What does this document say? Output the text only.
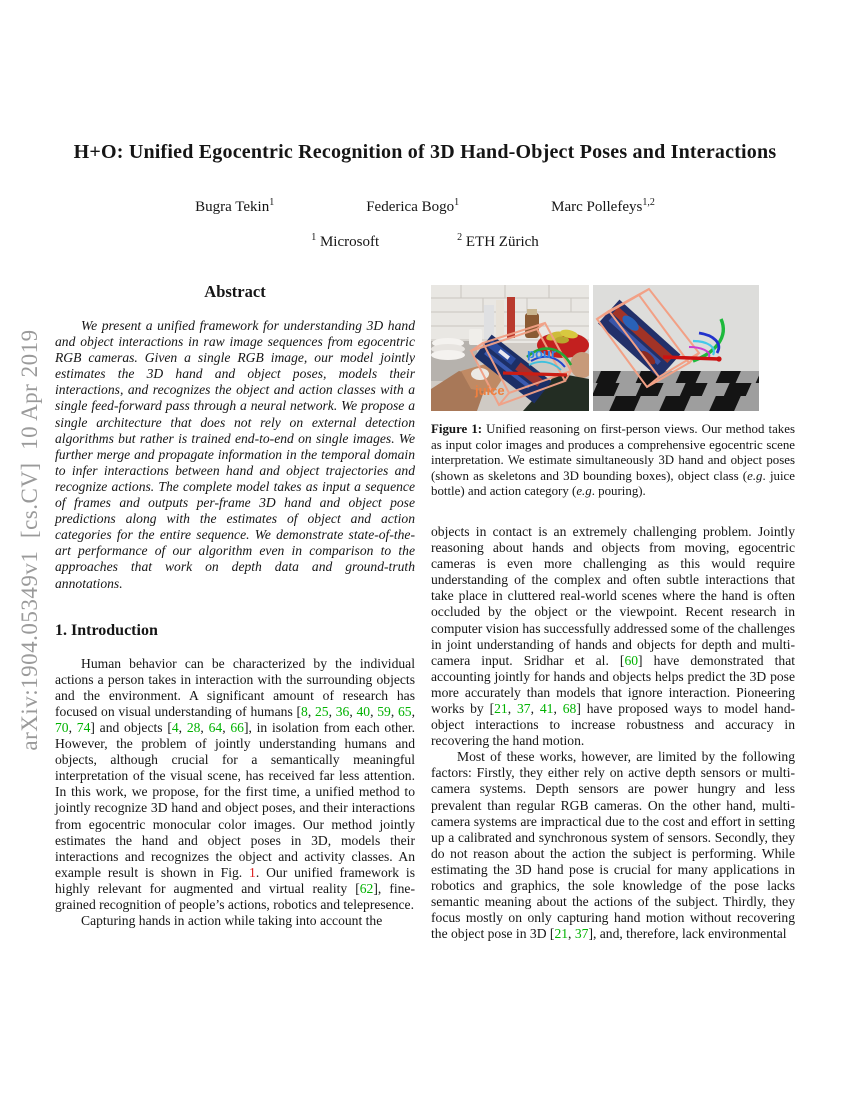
arXiv:1904.05349v1  [cs.CV]  10 Apr 2019
H+O: Unified Egocentric Recognition of 3D Hand-Object Poses and Interactions
Bugra Tekin$^1$	Federica Bogo$^1$	Marc Pollefeys$^{1,2}$
$^1$ Microsoft	$^2$ ETH Zürich
Abstract

We present a unified framework for understanding 3D hand and object interactions in raw image sequences from egocentric RGB cameras. Given a single RGB image, our model jointly estimates the 3D hand and object poses, models their interactions, and recognizes the object and action classes with a single feed-forward pass through a neural network. We propose a single architecture that does not rely on external detection algorithms but rather is trained end-to-end on single images. We further merge and propagate information in the temporal domain to infer interactions between hand and object trajectories and recognize actions. The complete model takes as input a sequence of frames and outputs per-frame 3D hand and object pose predictions along with the estimates of object and action categories for the entire sequence. We demonstrate state-of-the-art performance of our algorithm even in comparison to the approaches that work on depth data and ground-truth annotations.

1. Introduction

Human behavior can be characterized by the individual actions a person takes in interaction with the surrounding objects and the environment. A significant amount of research has focused on visual understanding of humans [8, 25, 36, 40, 59, 65, 70, 74] and objects [4, 28, 64, 66], in isolation from each other. However, the problem of jointly understanding humans and objects, although crucial for a semantically meaningful interpretation of the visual scene, has received far less attention. In this work, we propose, for the first time, a unified method to jointly recognize 3D hand and object poses, and their interactions from egocentric monocular color images. Our method jointly estimates the hand and object poses in 3D, models their interactions and recognizes the object and activity classes. An example result is shown in Fig. 1. Our unified framework is highly relevant for augmented and virtual reality [62], fine-grained recognition of people’s actions, robotics and telepresence.

Capturing hands in action while taking into account the

pour
juice
Figure 1: Unified reasoning on first-person views. Our method takes as input color images and produces a comprehensive egocentric scene interpretation. We estimate simultaneously 3D hand and object poses (shown as skeletons and 3D bounding boxes), object class (e.g. juice bottle) and action category (e.g. pouring).

objects in contact is an extremely challenging problem. Jointly reasoning about hands and objects from moving, egocentric cameras is even more challenging as this would require understanding of the complex and often subtle interactions that take place in cluttered real-world scenes where the hand is often occluded by the object or the viewpoint. Recent research in computer vision has successfully addressed some of the challenges in joint understanding of hands and objects for depth and multi-camera input. Sridhar et al. [60] have demonstrated that accounting jointly for hands and objects helps predict the 3D pose more accurately than models that ignore interaction. Pioneering works by [21, 37, 41, 68] have proposed ways to model hand-object interactions to increase robustness and accuracy in recovering the hand motion.

Most of these works, however, are limited by the following factors: Firstly, they either rely on active depth sensors or multi-camera systems. Depth sensors are power hungry and less prevalent than regular RGB cameras. On the other hand, multi-camera systems are impractical due to the cost and effort in setting up a calibrated and synchronous system of sensors. Secondly, they do not reason about the action the subject is performing. While estimating the 3D hand pose is crucial for many applications in robotics and graphics, the sole knowledge of the pose lacks semantic meaning about the actions of the subject. Thirdly, they focus mostly on only capturing hand motion without recovering the object pose in 3D [21, 37], and, therefore, lack environmental
